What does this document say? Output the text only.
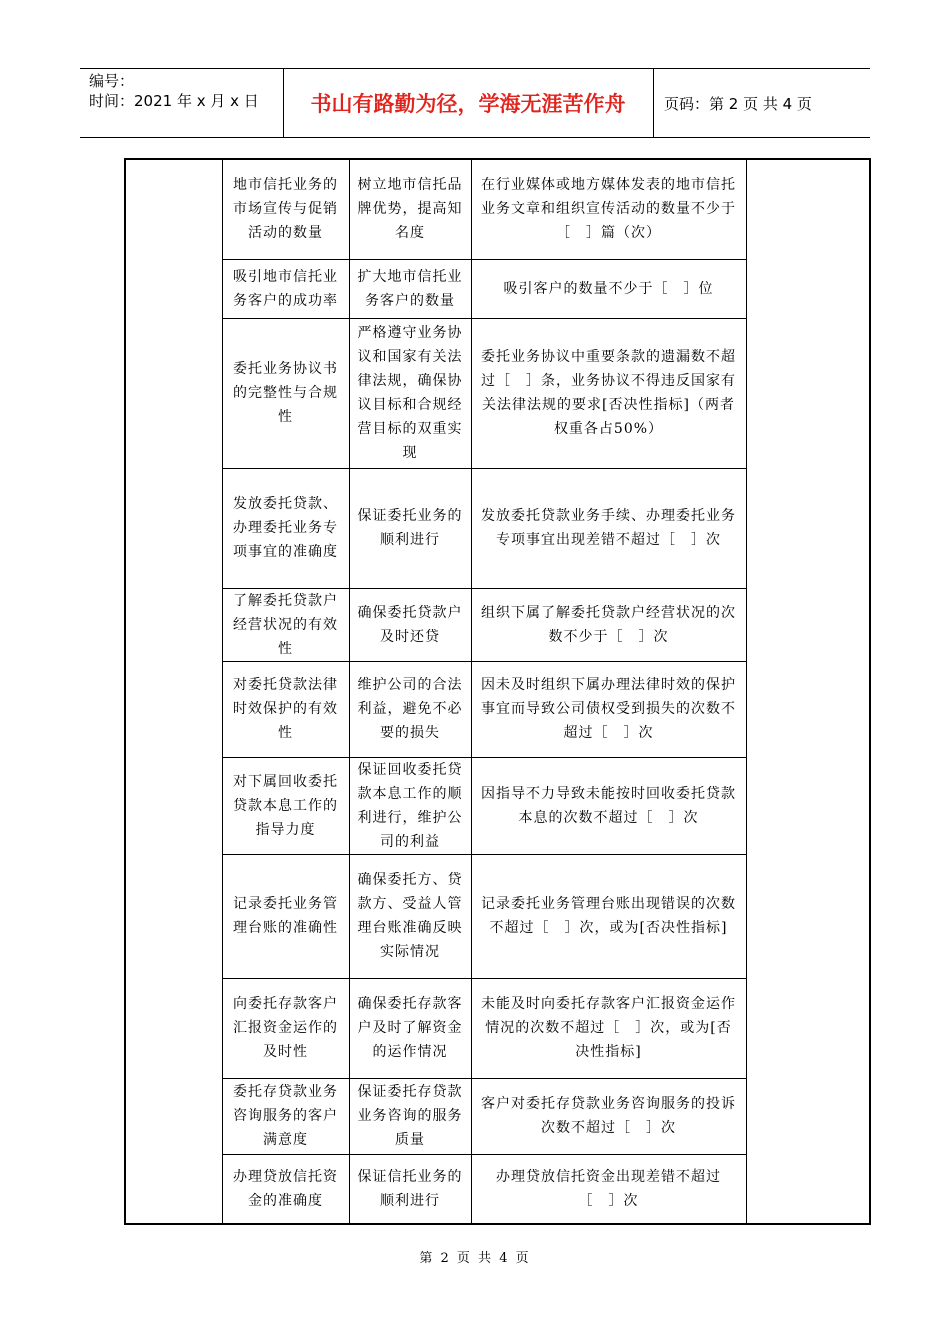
编号：
时间：2021 年 x 月 x 日 书山有路勤为径，学海无涯苦作舟	页码：第 2 页 共 4 页
	地市信托业务的市场宣传与促销活动的数量	树立地市信托品牌优势，提高知名度	在行业媒体或地方媒体发表的地市信托业务文章和组织宣传活动的数量不少于［　］篇（次）	
	吸引地市信托业务客户的成功率	扩大地市信托业务客户的数量	吸引客户的数量不少于［　］位	
	委托业务协议书的完整性与合规性	严格遵守业务协议和国家有关法律法规，确保协议目标和合规经营目标的双重实现	委托业务协议中重要条款的遗漏数不超过［　］条，业务协议不得违反国家有关法律法规的要求[否决性指标]（两者权重各占50%）	
	发放委托贷款、办理委托业务专项事宜的准确度	保证委托业务的顺利进行	发放委托贷款业务手续、办理委托业务专项事宜出现差错不超过［　］次	
	了解委托贷款户经营状况的有效性	确保委托贷款户及时还贷	组织下属了解委托贷款户经营状况的次数不少于［　］次	
	对委托贷款法律时效保护的有效性	维护公司的合法利益，避免不必要的损失	因未及时组织下属办理法律时效的保护事宜而导致公司债权受到损失的次数不超过［　］次	
	对下属回收委托贷款本息工作的指导力度	保证回收委托贷款本息工作的顺利进行，维护公司的利益	因指导不力导致未能按时回收委托贷款本息的次数不超过［　］次	
	记录委托业务管理台账的准确性	确保委托方、贷款方、受益人管理台账准确反映实际情况	记录委托业务管理台账出现错误的次数不超过［　］次，或为[否决性指标]	
	向委托存款客户汇报资金运作的及时性	确保委托存款客户及时了解资金的运作情况	未能及时向委托存款客户汇报资金运作情况的次数不超过［　］次，或为[否决性指标]	
	委托存贷款业务咨询服务的客户满意度	保证委托存贷款业务咨询的服务质量	客户对委托存贷款业务咨询服务的投诉次数不超过［　］次	
	办理贷放信托资金的准确度	保证信托业务的顺利进行	办理贷放信托资金出现差错不超过［　］次	
第 2 页 共 4 页
